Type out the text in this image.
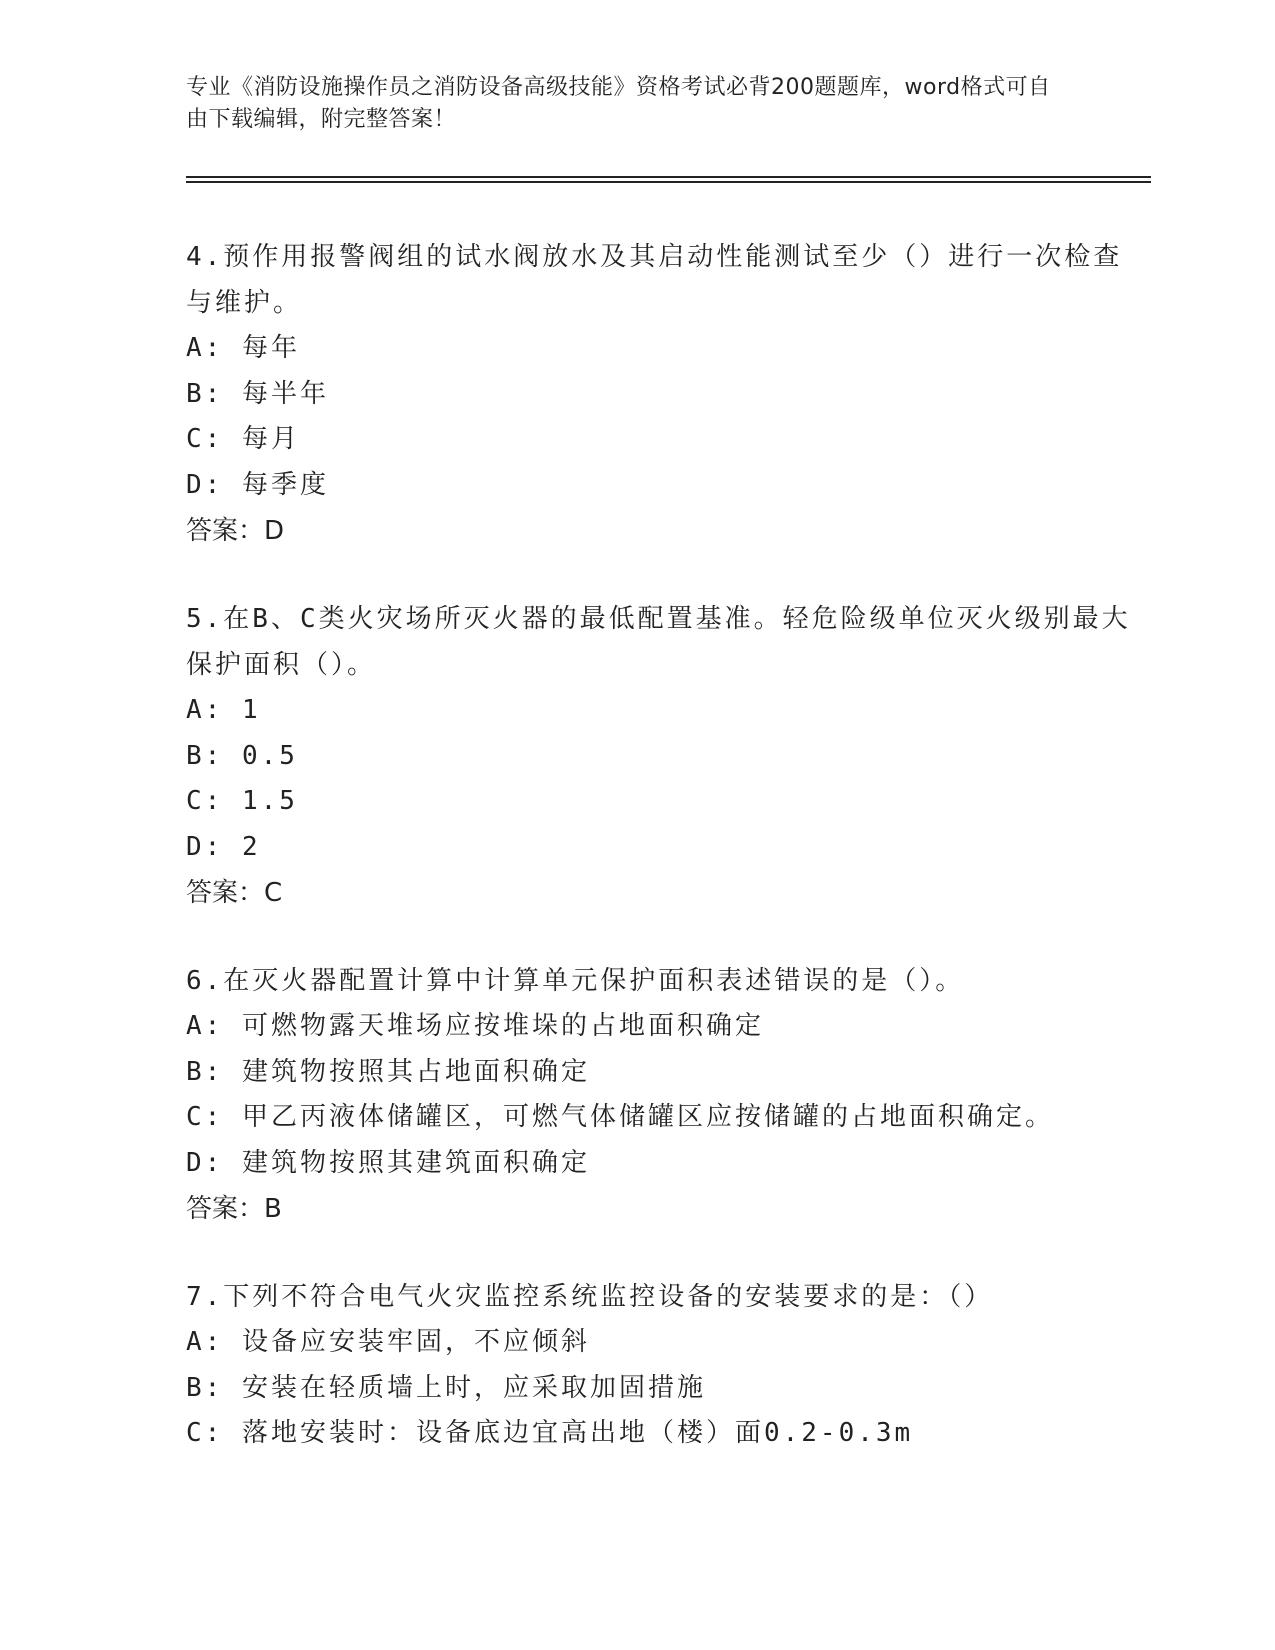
专业《消防设施操作员之消防设备高级技能》资格考试必背200题题库，word格式可自由下载编辑，附完整答案！

4.预作用报警阀组的试水阀放水及其启动性能测试至少（）进行一次检查与维护。

A: 每年

B: 每半年

C: 每月

D: 每季度

答案：D

5.在B、C类火灾场所灭火器的最低配置基准。轻危险级单位灭火级别最大保护面积（）。

A: 1

B: 0.5

C: 1.5

D: 2

答案：C

6.在灭火器配置计算中计算单元保护面积表述错误的是（）。

A: 可燃物露天堆场应按堆垛的占地面积确定

B: 建筑物按照其占地面积确定

C: 甲乙丙液体储罐区，可燃气体储罐区应按储罐的占地面积确定。

D: 建筑物按照其建筑面积确定

答案：B

7.下列不符合电气火灾监控系统监控设备的安装要求的是：（）

A: 设备应安装牢固，不应倾斜

B: 安装在轻质墙上时，应采取加固措施

C: 落地安装时：设备底边宜高出地（楼）面0.2-0.3m
